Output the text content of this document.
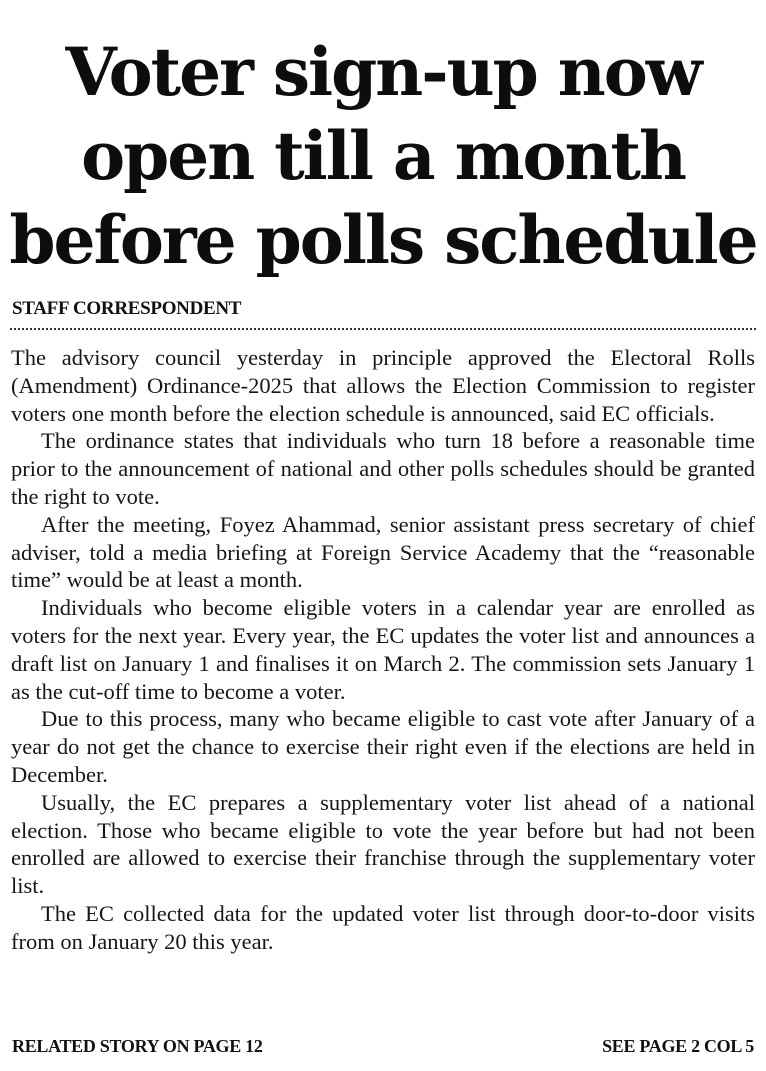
Voter sign-up now open till a month before polls schedule
STAFF CORRESPONDENT

The advisory council yesterday in principle approved the Electoral Rolls (Amendment) Ordinance-2025 that allows the Election Commission to register voters one month before the election schedule is announced, said EC officials.

The ordinance states that individuals who turn 18 before a reasonable time prior to the announcement of national and other polls schedules should be granted the right to vote.

After the meeting, Foyez Ahammad, senior assistant press secretary of chief adviser, told a media briefing at Foreign Service Academy that the “reasonable time” would be at least a month.

Individuals who become eligible voters in a calendar year are enrolled as voters for the next year. Every year, the EC updates the voter list and announces a draft list on January 1 and finalises it on March 2. The commission sets January 1 as the cut-off time to become a voter.

Due to this process, many who became eligible to cast vote after January of a year do not get the chance to exercise their right even if the elections are held in December.

Usually, the EC prepares a supplementary voter list ahead of a national election. Those who became eligible to vote the year before but had not been enrolled are allowed to exercise their franchise through the supplementary voter list.

The EC collected data for the updated voter list through door-to-door visits from on January 20 this year.

RELATED STORY ON PAGE 12	SEE PAGE 2 COL 5
